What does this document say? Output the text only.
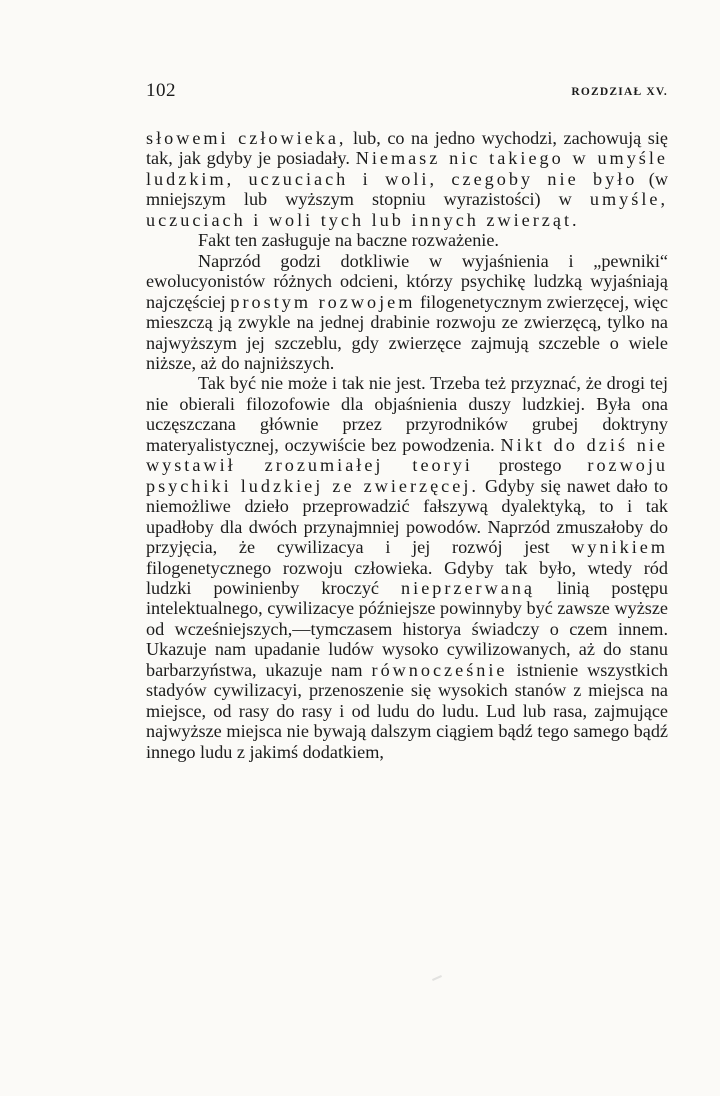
102	ROZDZIAŁ XV.

słowemi człowieka, lub, co na jedno wychodzi, zachowują się tak, jak gdyby je posiadały. Niemasz nic takiego w umyśle ludzkim, uczuciach i woli, czegoby nie było (w mniejszym lub wyższym stopniu wyrazistości) w umyśle, uczuciach i woli tych lub innych zwierząt.

Fakt ten zasługuje na baczne rozważenie.

Naprzód godzi dotkliwie w wyjaśnienia i „pewniki“ ewolucyonistów różnych odcieni, którzy psychikę ludzką wyjaśniają najczęściej prostym rozwojem filogenetycznym zwierzęcej, więc mieszczą ją zwykle na jednej drabinie rozwoju ze zwierzęcą, tylko na najwyższym jej szczeblu, gdy zwierzęce zajmują szczeble o wiele niższe, aż do najniższych.

Tak być nie może i tak nie jest. Trzeba też przyznać, że drogi tej nie obierali filozofowie dla objaśnienia duszy ludzkiej. Była ona uczęszczana głównie przez przyrodników grubej doktryny materyalistycznej, oczywiście bez powodzenia. Nikt do dziś nie wystawił zrozumiałej teoryi prostego rozwoju psychiki ludzkiej ze zwierzęcej. Gdyby się nawet dało to niemożliwe dzieło przeprowadzić fałszywą dyalektyką, to i tak upadłoby dla dwóch przynajmniej powodów. Naprzód zmuszałoby do przyjęcia, że cywilizacya i jej rozwój jest wynikiem filogenetycznego rozwoju człowieka. Gdyby tak było, wtedy ród ludzki powinienby kroczyć nieprzerwaną linią postępu intelektualnego, cywilizacye późniejsze powinnyby być zawsze wyższe od wcześniejszych,—tymczasem historya świadczy o czem innem. Ukazuje nam upadanie ludów wysoko cywilizowanych, aż do stanu barbarzyństwa, ukazuje nam równocześnie istnienie wszystkich stadyów cywilizacyi, przenoszenie się wysokich stanów z miejsca na miejsce, od rasy do rasy i od ludu do ludu. Lud lub rasa, zajmujące najwyższe miejsca nie bywają dalszym ciągiem bądź tego samego bądź innego ludu z jakimś dodatkiem,
